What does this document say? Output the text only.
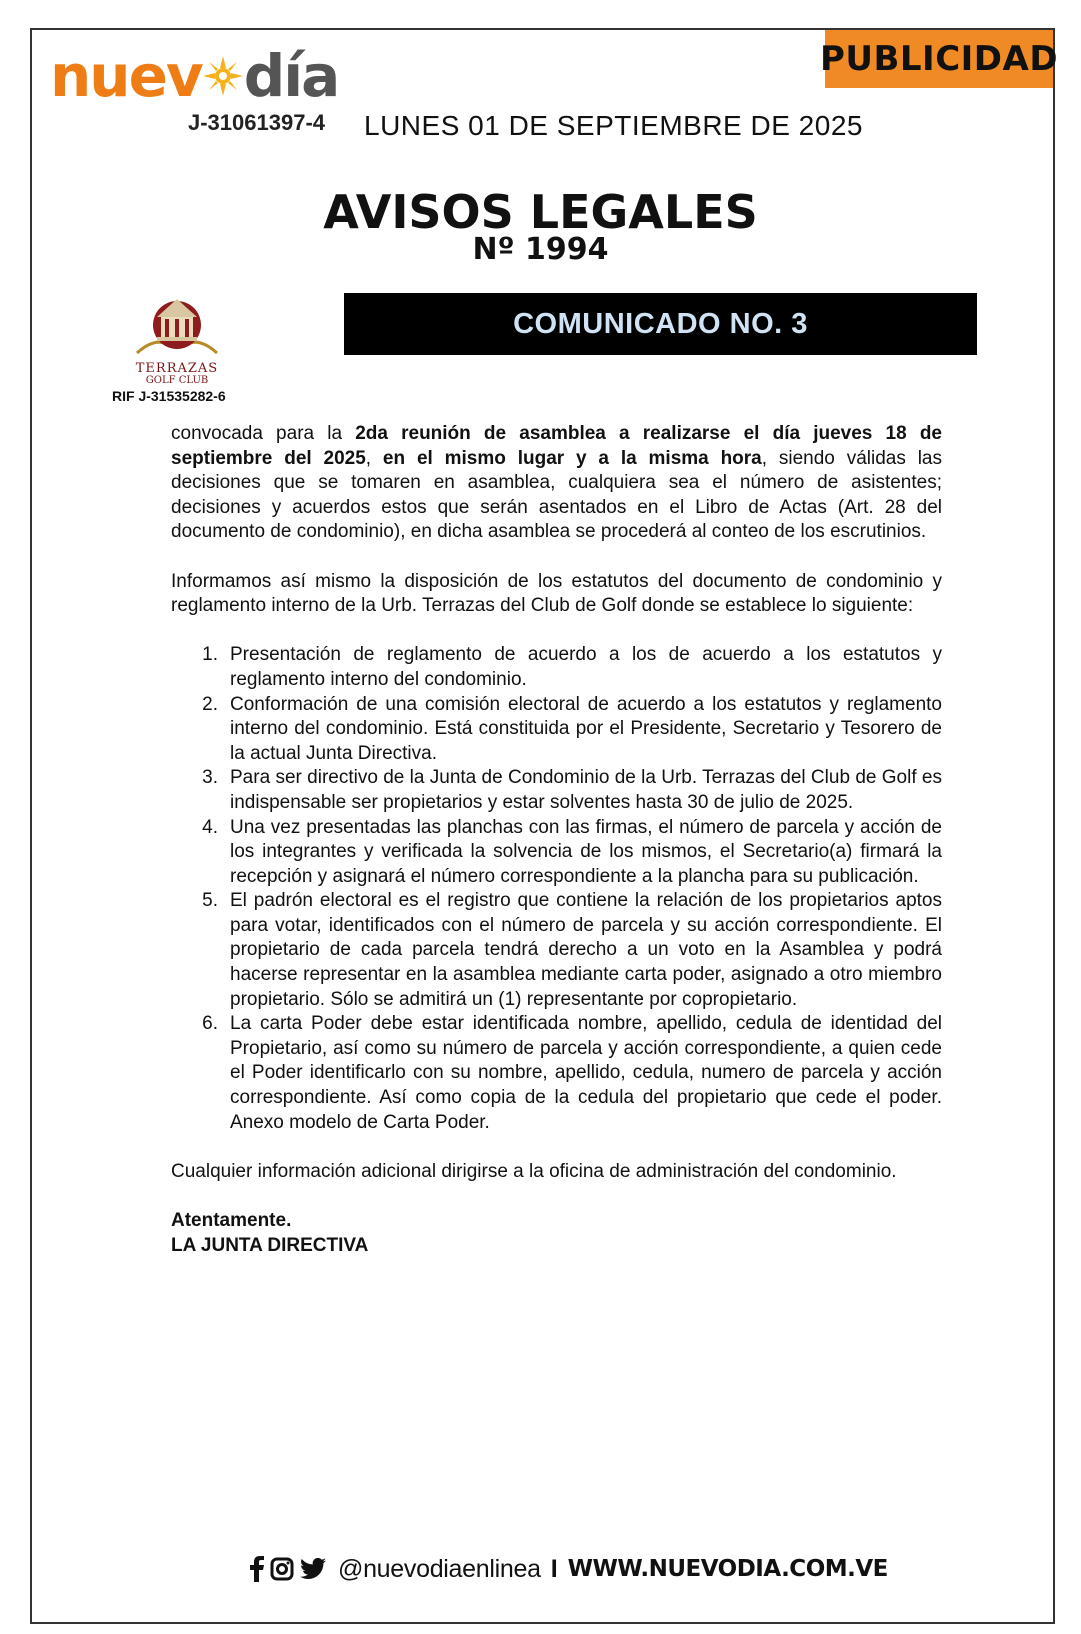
nuev día
J-31061397-4 LUNES 01 DE SEPTIEMBRE DE 2025
PUBLICIDAD
AVISOS LEGALES
Nº 1994
TERRAZAS
GOLF CLUB
RIF J-31535282-6
COMUNICADO NO. 3

convocada para la 2da reunión de asamblea a realizarse el día jueves 18 de septiembre del 2025, en el mismo lugar y a la misma hora, siendo válidas las decisiones que se tomaren en asamblea, cualquiera sea el número de asistentes; decisiones y acuerdos estos que serán asentados en el Libro de Actas (Art. 28 del documento de condominio), en dicha asamblea se procederá al conteo de los escrutinios.

Informamos así mismo la disposición de los estatutos del documento de condominio y reglamento interno de la Urb. Terrazas del Club de Golf donde se establece lo siguiente:

1. Presentación de reglamento de acuerdo a los de acuerdo a los estatutos y reglamento interno del condominio.
2. Conformación de una comisión electoral de acuerdo a los estatutos y reglamento interno del condominio. Está constituida por el Presidente, Secretario y Tesorero de la actual Junta Directiva.
3. Para ser directivo de la Junta de Condominio de la Urb. Terrazas del Club de Golf es indispensable ser propietarios y estar solventes hasta 30 de julio de 2025.
4. Una vez presentadas las planchas con las firmas, el número de parcela y acción de los integrantes y verificada la solvencia de los mismos, el Secretario(a) firmará la recepción y asignará el número correspondiente a la plancha para su publicación.
5. El padrón electoral es el registro que contiene la relación de los propietarios aptos para votar, identificados con el número de parcela y su acción correspondiente. El propietario de cada parcela tendrá derecho a un voto en la Asamblea y podrá hacerse representar en la asamblea mediante carta poder, asignado a otro miembro propietario. Sólo se admitirá un (1) representante por copropietario.
6. La carta Poder debe estar identificada nombre, apellido, cedula de identidad del Propietario, así como su número de parcela y acción correspondiente, a quien cede el Poder identificarlo con su nombre, apellido, cedula, numero de parcela y acción correspondiente. Así como copia de la cedula del propietario que cede el poder. Anexo modelo de Carta Poder.

Cualquier información adicional dirigirse a la oficina de administración del condominio.

Atentamente.

LA JUNTA DIRECTIVA

@nuevodiaenlinea I WWW.NUEVODIA.COM.VE
